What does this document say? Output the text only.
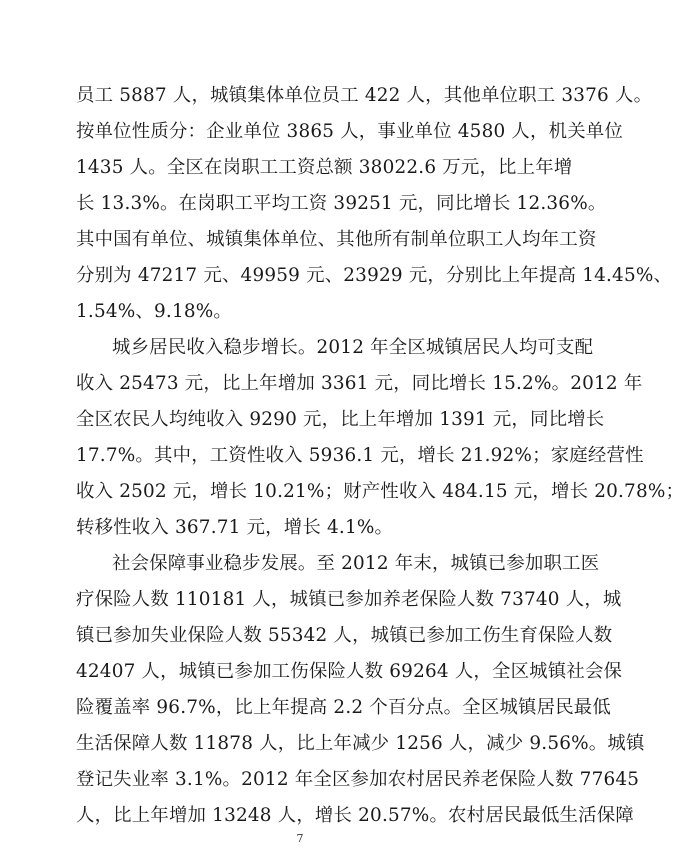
员工 5887 人，城镇集体单位员工 422 人，其他单位职工 3376 人。
按单位性质分：企业单位 3865 人，事业单位 4580 人，机关单位
1435 人。全区在岗职工工资总额 38022.6 万元，比上年增
长 13.3%。在岗职工平均工资 39251 元，同比增长 12.36%。
其中国有单位、城镇集体单位、其他所有制单位职工人均年工资
分别为 47217 元、49959 元、23929 元，分别比上年提高 14.45%、
1.54%、9.18%。
城乡居民收入稳步增长。2012 年全区城镇居民人均可支配
收入 25473 元，比上年增加 3361 元，同比增长 15.2%。2012 年
全区农民人均纯收入 9290 元，比上年增加 1391 元，同比增长
17.7%。其中，工资性收入 5936.1 元，增长 21.92%；家庭经营性
收入 2502 元，增长 10.21%；财产性收入 484.15 元，增长 20.78%；
转移性收入 367.71 元，增长 4.1%。
社会保障事业稳步发展。至 2012 年末，城镇已参加职工医
疗保险人数 110181 人，城镇已参加养老保险人数 73740 人，城
镇已参加失业保险人数 55342 人，城镇已参加工伤生育保险人数
42407 人，城镇已参加工伤保险人数 69264 人，全区城镇社会保
险覆盖率 96.7%，比上年提高 2.2 个百分点。全区城镇居民最低
生活保障人数 11878 人，比上年减少 1256 人，减少 9.56%。城镇
登记失业率 3.1%。2012 年全区参加农村居民养老保险人数 77645
人，比上年增加 13248 人，增长 20.57%。农村居民最低生活保障
7
